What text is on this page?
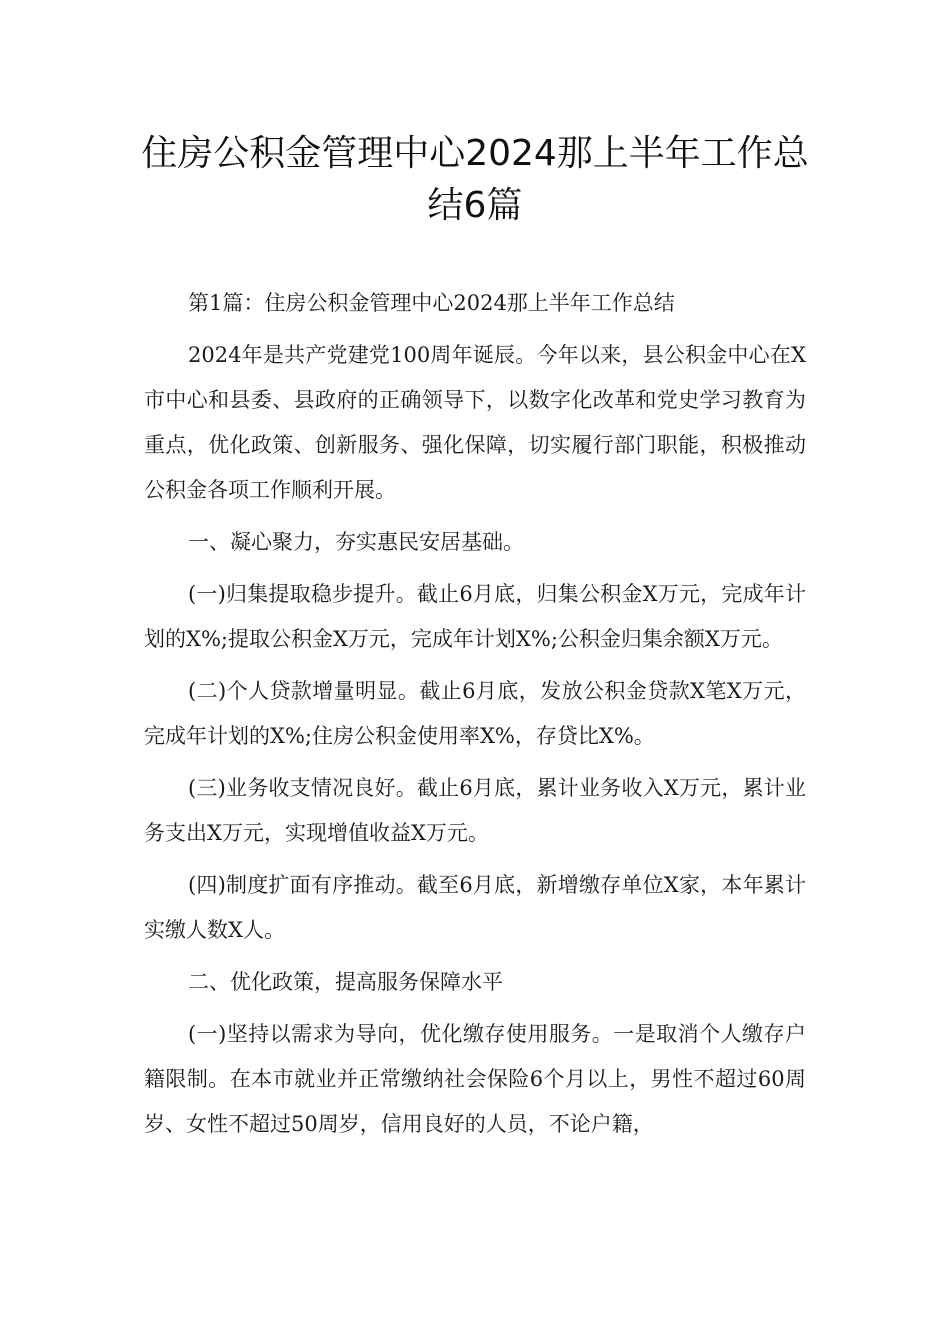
住房公积金管理中心2024那上半年工作总结6篇

第1篇：住房公积金管理中心2024那上半年工作总结

2024年是共产党建党100周年诞辰。今年以来，县公积金中心在X市中心和县委、县政府的正确领导下，以数字化改革和党史学习教育为重点，优化政策、创新服务、强化保障，切实履行部门职能，积极推动公积金各项工作顺利开展。

一、凝心聚力，夯实惠民安居基础。

(一)归集提取稳步提升。截止6月底，归集公积金X万元，完成年计划的X%;提取公积金X万元，完成年计划X%;公积金归集余额X万元。

(二)个人贷款增量明显。截止6月底，发放公积金贷款X笔X万元，完成年计划的X%;住房公积金使用率X%，存贷比X%。

(三)业务收支情况良好。截止6月底，累计业务收入X万元，累计业务支出X万元，实现增值收益X万元。

(四)制度扩面有序推动。截至6月底，新增缴存单位X家，本年累计实缴人数X人。

二、优化政策，提高服务保障水平

(一)坚持以需求为导向，优化缴存使用服务。一是取消个人缴存户籍限制。在本市就业并正常缴纳社会保险6个月以上，男性不超过60周岁、女性不超过50周岁，信用良好的人员，不论户籍，
